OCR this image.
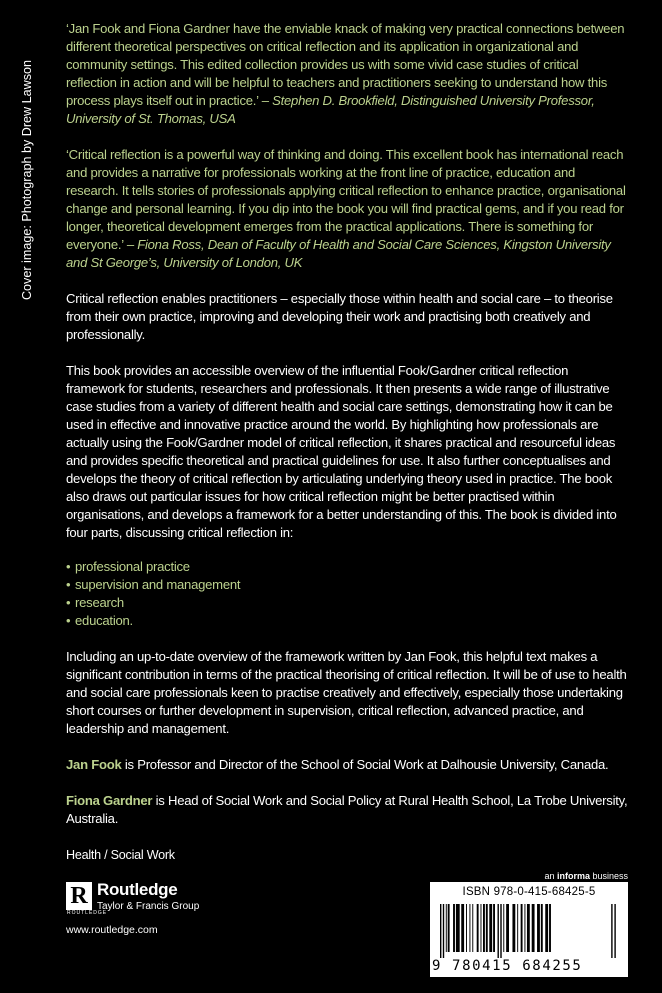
Cover image: Photograph by Drew Lawson

‘Jan Fook and Fiona Gardner have the enviable knack of making very practical connections between different theoretical perspectives on critical reflection and its application in organizational and community settings. This edited collection provides us with some vivid case studies of critical reflection in action and will be helpful to teachers and practitioners seeking to understand how this process plays itself out in practice.’ – Stephen D. Brookfield, Distinguished University Professor, University of St. Thomas, USA

‘Critical reflection is a powerful way of thinking and doing. This excellent book has international reach and provides a narrative for professionals working at the front line of practice, education and research. It tells stories of professionals applying critical reflection to enhance practice, organisational change and personal learning. If you dip into the book you will find practical gems, and if you read for longer, theoretical development emerges from the practical applications. There is something for everyone.’ – Fiona Ross, Dean of Faculty of Health and Social Care Sciences, Kingston University and St George’s, University of London, UK

Critical reflection enables practitioners – especially those within health and social care – to theorise from their own practice, improving and developing their work and practising both creatively and professionally.

This book provides an accessible overview of the influential Fook/Gardner critical reflection framework for students, researchers and professionals. It then presents a wide range of illustrative case studies from a variety of different health and social care settings, demonstrating how it can be used in effective and innovative practice around the world. By highlighting how professionals are actually using the Fook/Gardner model of critical reflection, it shares practical and resourceful ideas and provides specific theoretical and practical guidelines for use. It also further conceptualises and develops the theory of critical reflection by articulating underlying theory used in practice. The book also draws out particular issues for how critical reflection might be better practised within organisations, and develops a framework for a better understanding of this. The book is divided into four parts, discussing critical reflection in:

• professional practice
• supervision and management
• research
• education.

Including an up-to-date overview of the framework written by Jan Fook, this helpful text makes a significant contribution in terms of the practical theorising of critical reflection. It will be of use to health and social care professionals keen to practise creatively and effectively, especially those undertaking short courses or further development in supervision, critical reflection, advanced practice, and leadership and management.

Jan Fook is Professor and Director of the School of Social Work at Dalhousie University, Canada.

Fiona Gardner is Head of Social Work and Social Policy at Rural Health School, La Trobe University, Australia.

Health / Social Work
R
ROUTLEDGE
Routledge
Taylor & Francis Group
www.routledge.com
an informa business
ISBN 978-0-415-68425-5
9 780415 684255
